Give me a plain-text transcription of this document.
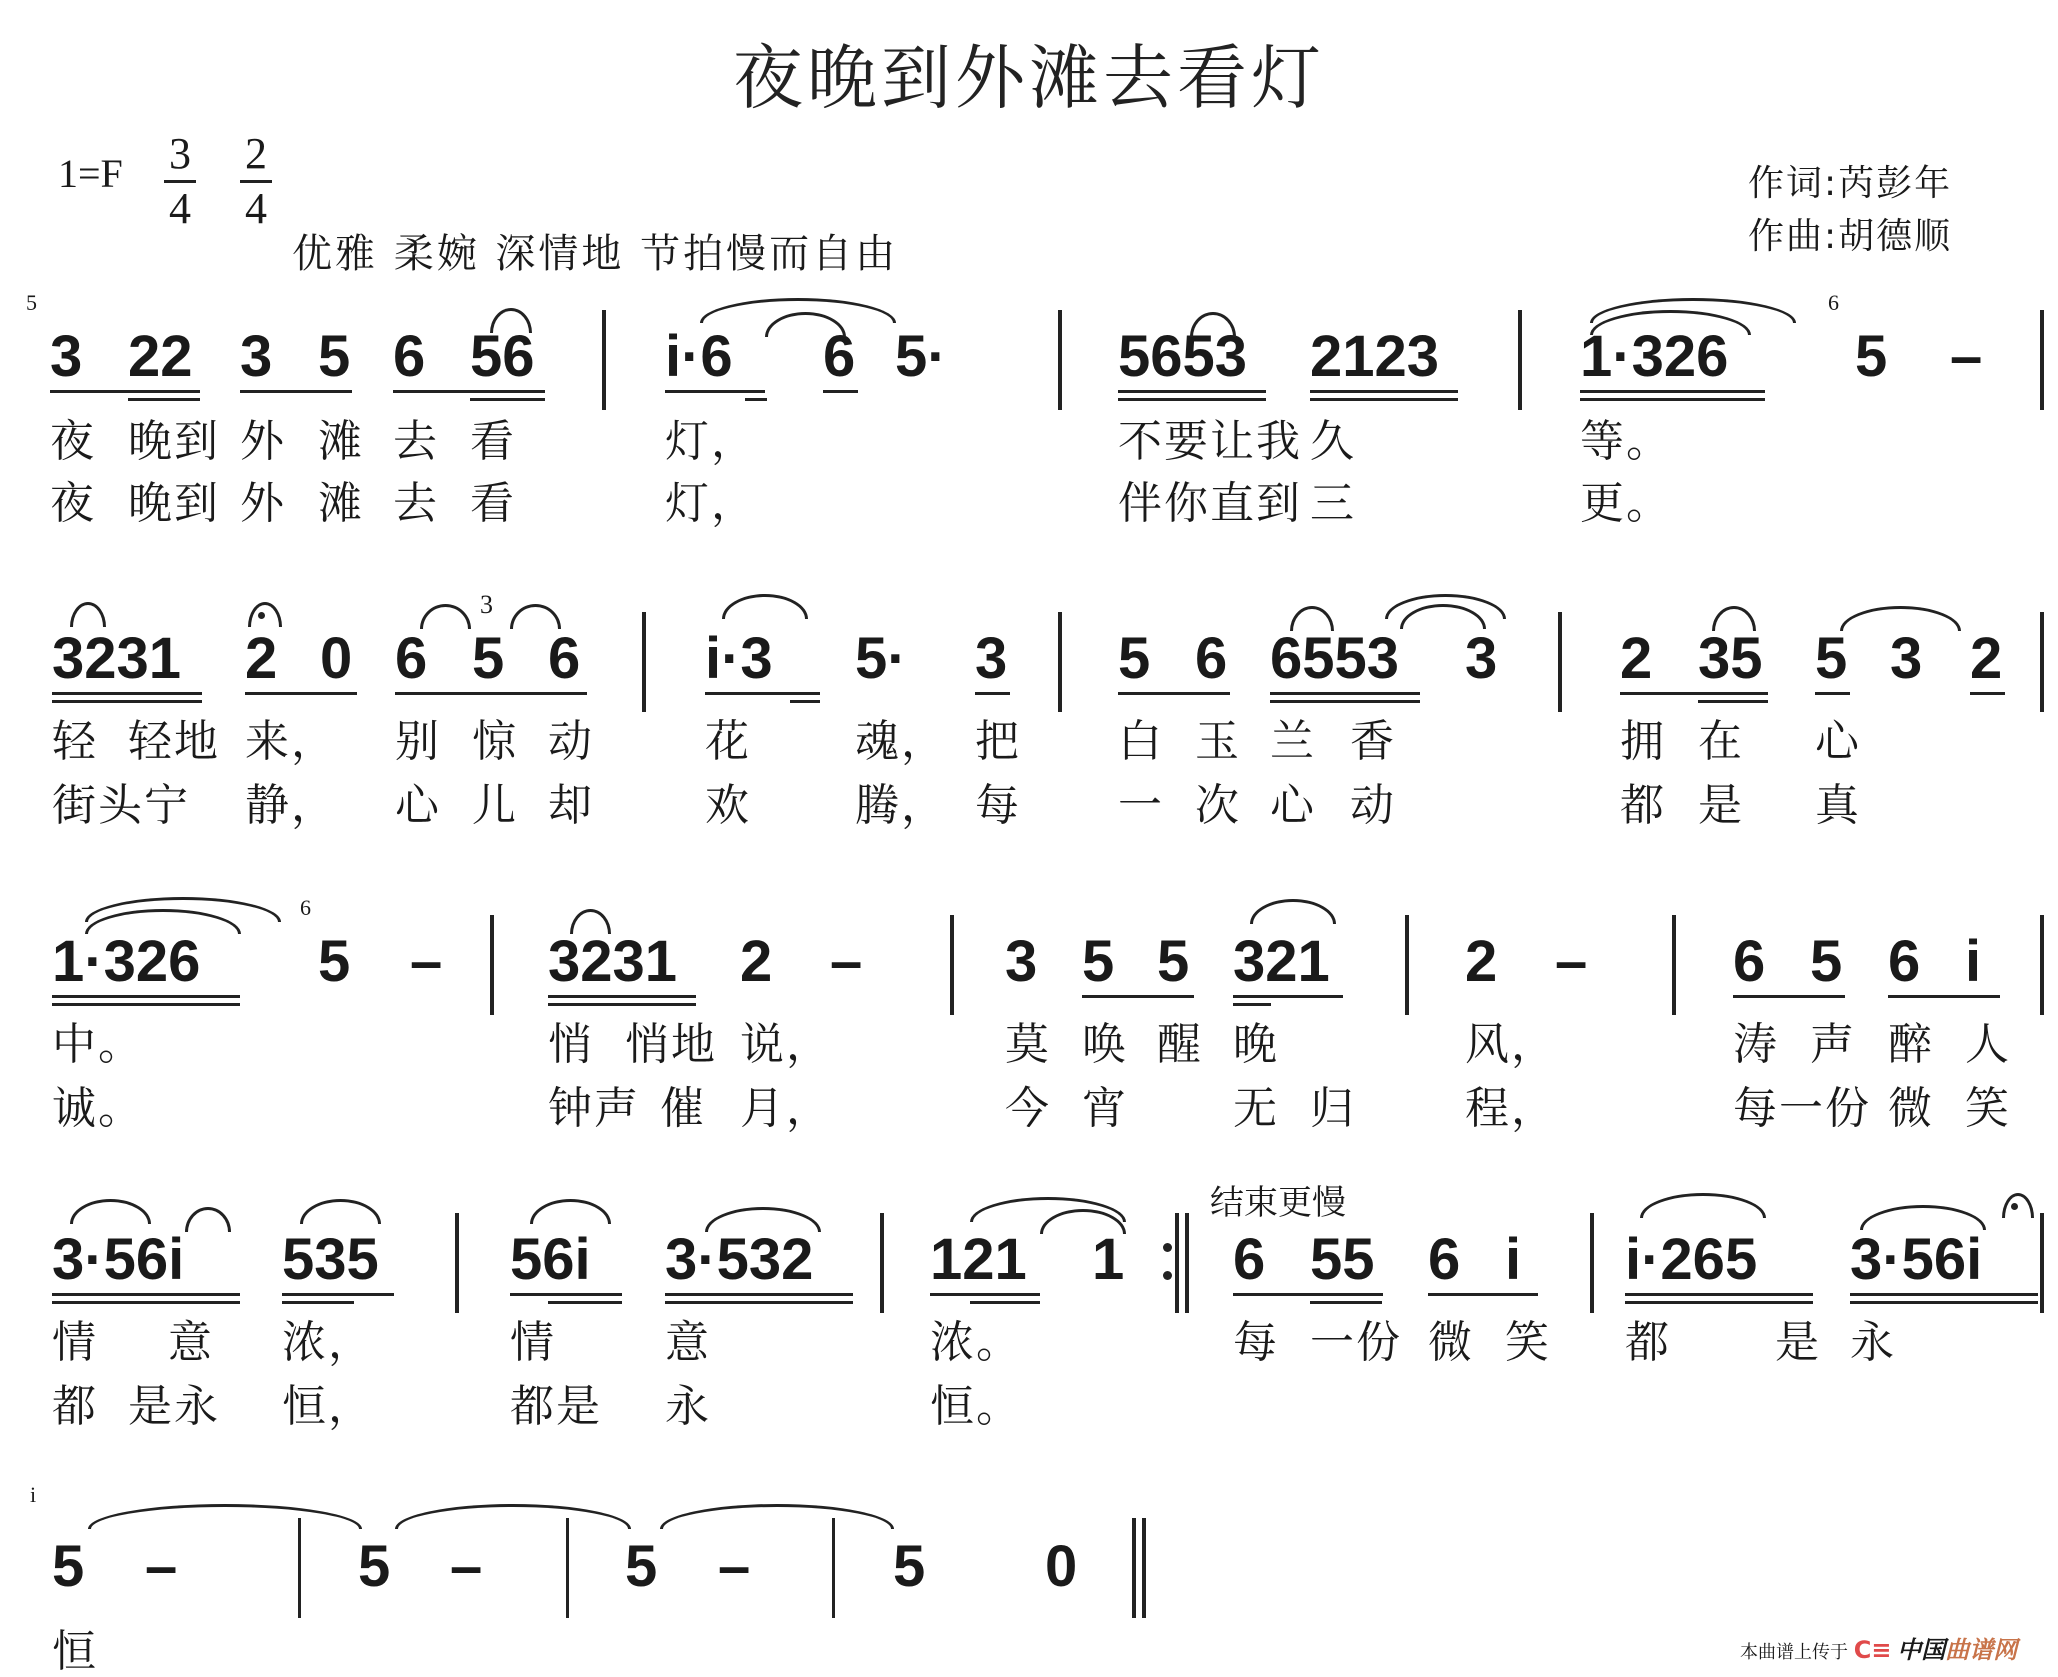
夜晚到外滩去看灯
1=F 3
4
2
4
优雅 柔婉 深情地 节拍慢而自由
作词:芮彭年
作曲:胡德顺
5
3 22 3 5 6 56 i·6 6 5·	5653 2123 1·326
6
5 –
夜 晚到 外 滩 去 看	灯，	不要让我 久	等。
夜 晚到 外 滩 去 看	灯，	伴你直到 三	更。
3231 2 0 6 5 6
3
i·3 5· 3 5 6 6553 3 2 35 5 3 2
轻 轻地 来， 别 惊 动	花 魂， 把 白 玉 兰 香	拥 在 心
街头宁 静， 心 儿 却	欢 腾， 每 一 次 心 动	都 是 真
1·326
6
5 – 3231 2 – 3 5 5 321 2 –	6 5 6 i
中。	悄 悄地 说，	莫 唤 醒 晚	风，	涛 声 醉 人
诚。	钟声 催 月，	今 宵 无 归 程，	每一份 微 笑
结束更慢
3·56i 535 56i 3·532 121 1 6 55 6 i i·265 3·56i
情 意 浓，	情 意	浓。	每 一份 微 笑 都 是 永
都 是永 恒，	都是 永	恒。
i
5 –	5 – 5 – 5 0
恒	本曲谱上传于 C≡ 中国曲谱网
